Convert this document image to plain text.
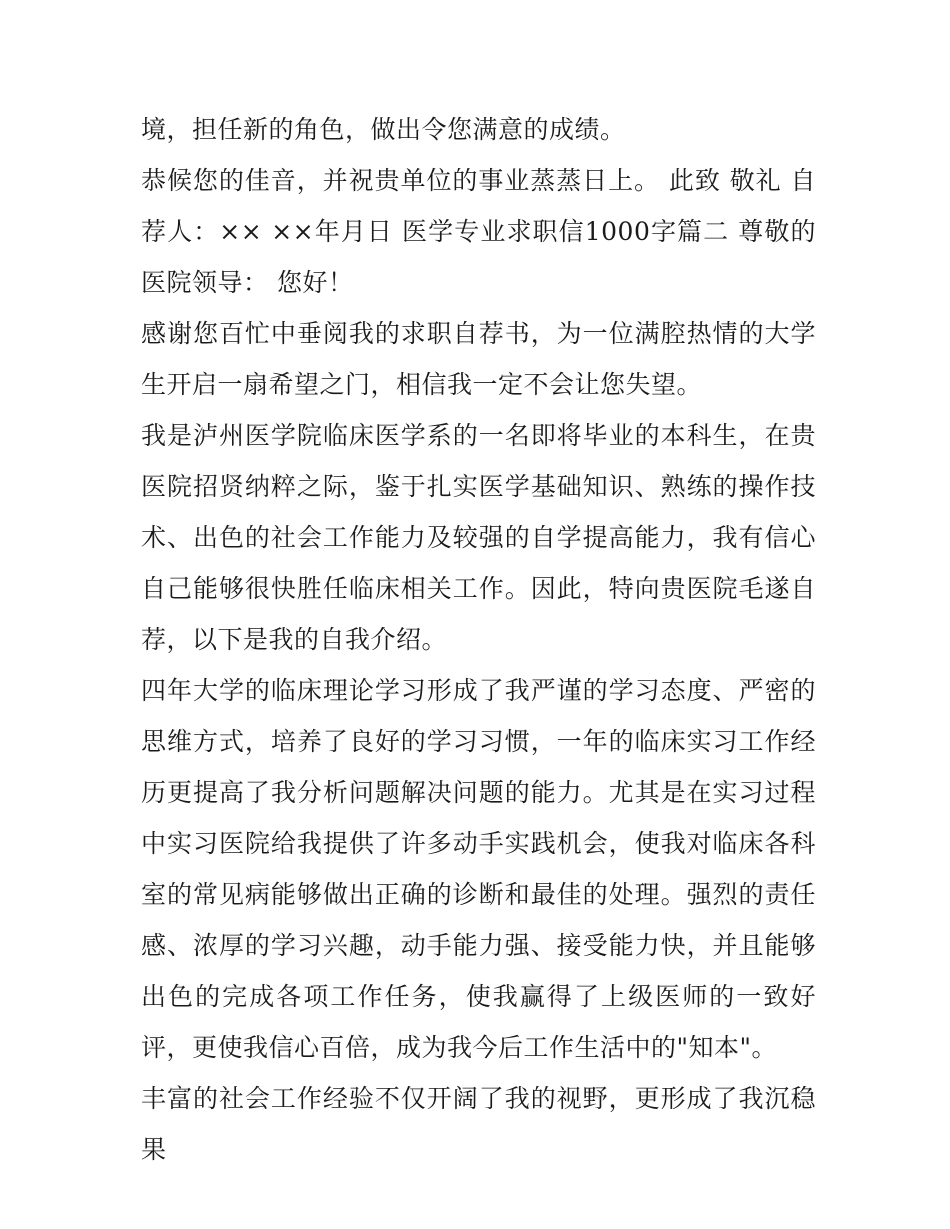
境，担任新的角色，做出令您满意的成绩。

恭候您的佳音，并祝贵单位的事业蒸蒸日上。 此致 敬礼 自荐人：×× ××年月日 医学专业求职信1000字篇二 尊敬的医院领导： 您好！

感谢您百忙中垂阅我的求职自荐书，为一位满腔热情的大学生开启一扇希望之门，相信我一定不会让您失望。

我是泸州医学院临床医学系的一名即将毕业的本科生，在贵医院招贤纳粹之际，鉴于扎实医学基础知识、熟练的操作技术、出色的社会工作能力及较强的自学提高能力，我有信心自己能够很快胜任临床相关工作。因此，特向贵医院毛遂自荐，以下是我的自我介绍。

四年大学的临床理论学习形成了我严谨的学习态度、严密的思维方式，培养了良好的学习习惯，一年的临床实习工作经历更提高了我分析问题解决问题的能力。尤其是在实习过程中实习医院给我提供了许多动手实践机会，使我对临床各科室的常见病能够做出正确的诊断和最佳的处理。强烈的责任感、浓厚的学习兴趣，动手能力强、接受能力快，并且能够出色的完成各项工作任务，使我赢得了上级医师的一致好评，更使我信心百倍，成为我今后工作生活中的"知本"。

丰富的社会工作经验不仅开阔了我的视野，更形成了我沉稳果
